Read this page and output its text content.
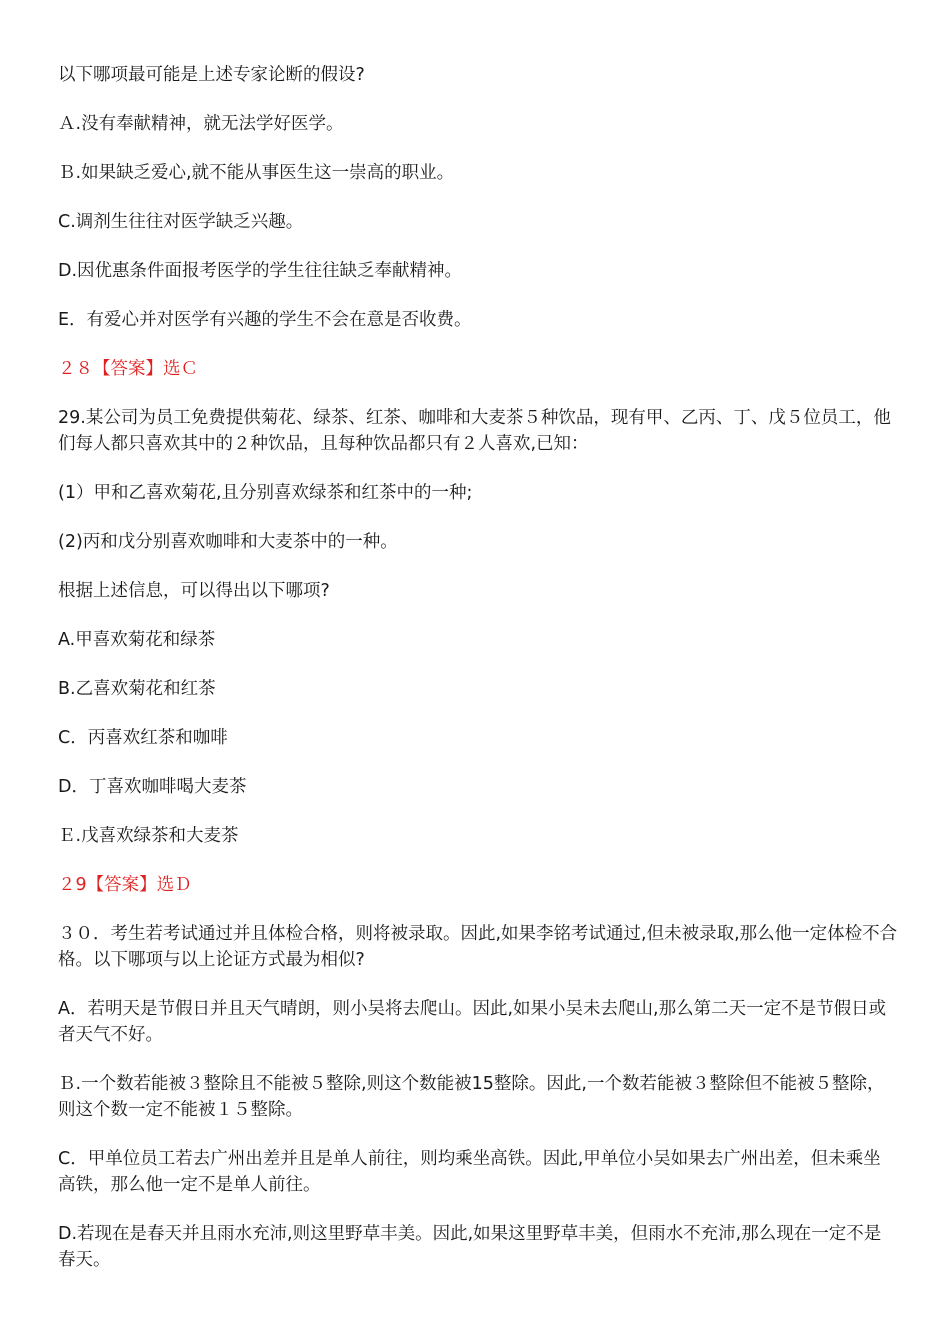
以下哪项最可能是上述专家论断的假设?

Ａ.没有奉献精神，就无法学好医学。

Ｂ.如果缺乏爱心,就不能从事医生这一崇高的职业。

C.调剂生往往对医学缺乏兴趣。

D.因优惠条件面报考医学的学生往往缺乏奉献精神。

E．有爱心并对医学有兴趣的学生不会在意是否收费。

２８【答案】选Ｃ

29.某公司为员工免费提供菊花、绿茶、红茶、咖啡和大麦茶５种饮品，现有甲、乙丙、丁、戊５位员工，他们每人都只喜欢其中的２种饮品，且每种饮品都只有２人喜欢,已知：

(1）甲和乙喜欢菊花,且分别喜欢绿茶和红茶中的一种;

(2)丙和戊分别喜欢咖啡和大麦茶中的一种。

根据上述信息，可以得出以下哪项?

A.甲喜欢菊花和绿茶

B.乙喜欢菊花和红茶

C．丙喜欢红茶和咖啡

D．丁喜欢咖啡喝大麦茶

Ｅ.戊喜欢绿茶和大麦茶

２9【答案】选Ｄ

３０．考生若考试通过并且体检合格，则将被录取。因此,如果李铭考试通过,但未被录取,那么他一定体检不合格。以下哪项与以上论证方式最为相似?

A．若明天是节假日并且天气晴朗，则小吴将去爬山。因此,如果小吴未去爬山,那么第二天一定不是节假日或者天气不好。

Ｂ.一个数若能被３整除且不能被５整除,则这个数能被15整除。因此,一个数若能被３整除但不能被５整除，则这个数一定不能被１５整除。

C．甲单位员工若去广州出差并且是单人前往，则均乘坐高铁。因此,甲单位小吴如果去广州出差，但未乘坐高铁，那么他一定不是单人前往。

D.若现在是春天并且雨水充沛,则这里野草丰美。因此,如果这里野草丰美，但雨水不充沛,那么现在一定不是春天。
